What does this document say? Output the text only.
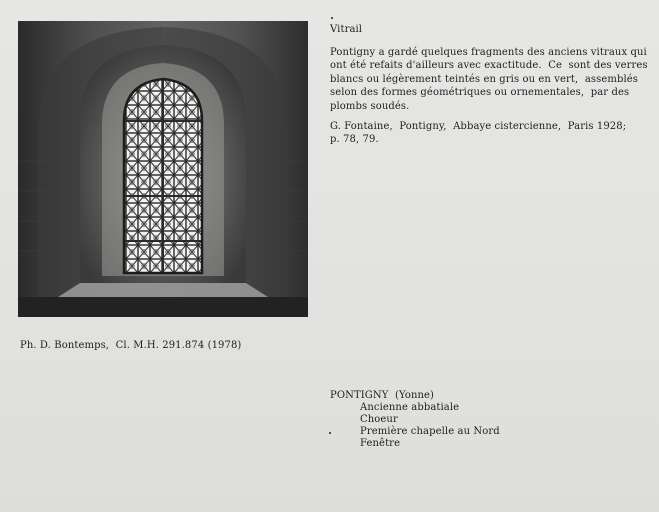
Vitrail
Pontigny a gardé quelques fragments des anciens vitraux qui
ont été refaits d'ailleurs avec exactitude.  Ce  sont des verres
blancs ou légèrement teintés en gris ou en vert,  assemblés
selon des formes géométriques ou ornementales,  par des
plombs soudés.
G. Fontaine,  Pontigny,  Abbaye cistercienne,  Paris 1928;
p. 78, 79.
Ph. D. Bontemps,  Cl. M.H. 291.874 (1978)
PONTIGNY  (Yonne)
Ancienne abbatiale
Choeur
Première chapelle au Nord
Fenêtre
